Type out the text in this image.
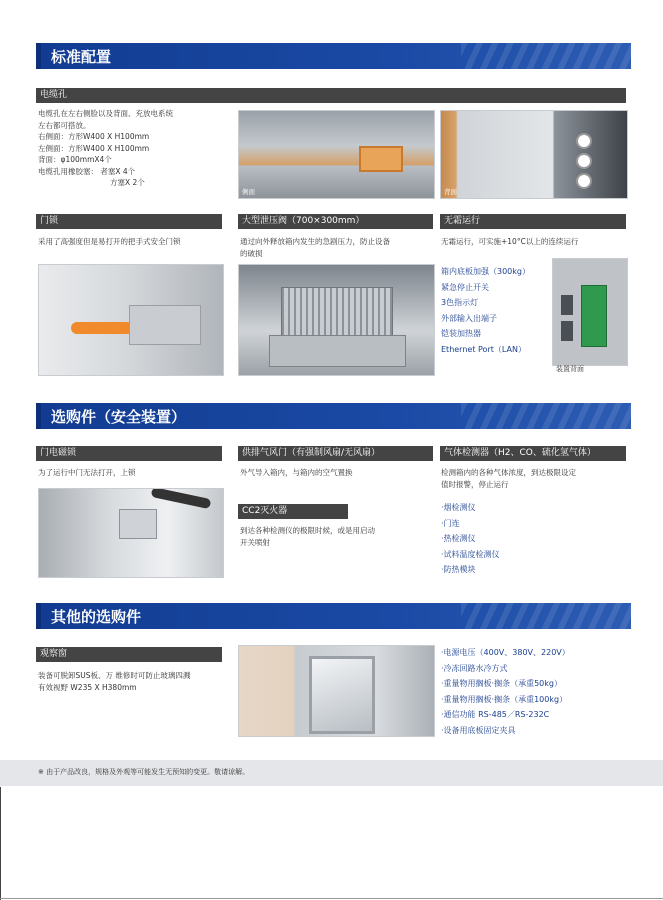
标准配置
电缆孔
电缆孔在左右侧脸以及背面、充放电系统
左右都可搭放。
右侧面：方形W400 X H100mm
左侧面：方形W400 X H100mm
背面：φ100mmX4个
电缆孔用橡胶塞： 者塞X 4个
方塞X 2个
侧面	背面
门锁	大型泄压阀（700×300mm）	无霜运行
采用了高强度但是易打开的把手式安全门锁	通过向外释放箱内发生的急剧压力，防止设备
的破损
无霜运行，可实施+10°C以上的连续运行
箱内底板加强（300kg）
紧急停止开关
3色指示灯
外部输入出端子
铠装加热器
Ethernet Port（LAN）
装置背面
选购件（安全装置）
门电磁锁	供排气风门（有强制风扇/无风扇）	气体检测器（H2、CO、硫化氢气体）
为了运行中门无法打开，上锁	外气导入箱内，与箱内的空气置换	检测箱内的各种气体浓度，到达极限设定
值时报警，停止运行
CC2灭火器
到达各种检测仪的极限时候，或是用启动
开关喷射
·烟检测仪
·门连
·热检测仪
·试料温度检测仪
·防热模块
其他的选购件
观察窗
装备可脱卸SUS板、万 维修时可防止玻璃四溅
有效视野 W235 X H380mm
·电源电压（400V、380V、220V）
·冷冻回路水冷方式
·重量物用搁板·搁条（承重50kg）
·重量物用搁板·搁条（承重100kg）
·通信功能 RS-485／RS-232C
·设备用底板固定夹具
※ 由于产品改良，规格及外观等可能发生无预知的变更。敬请谅解。
